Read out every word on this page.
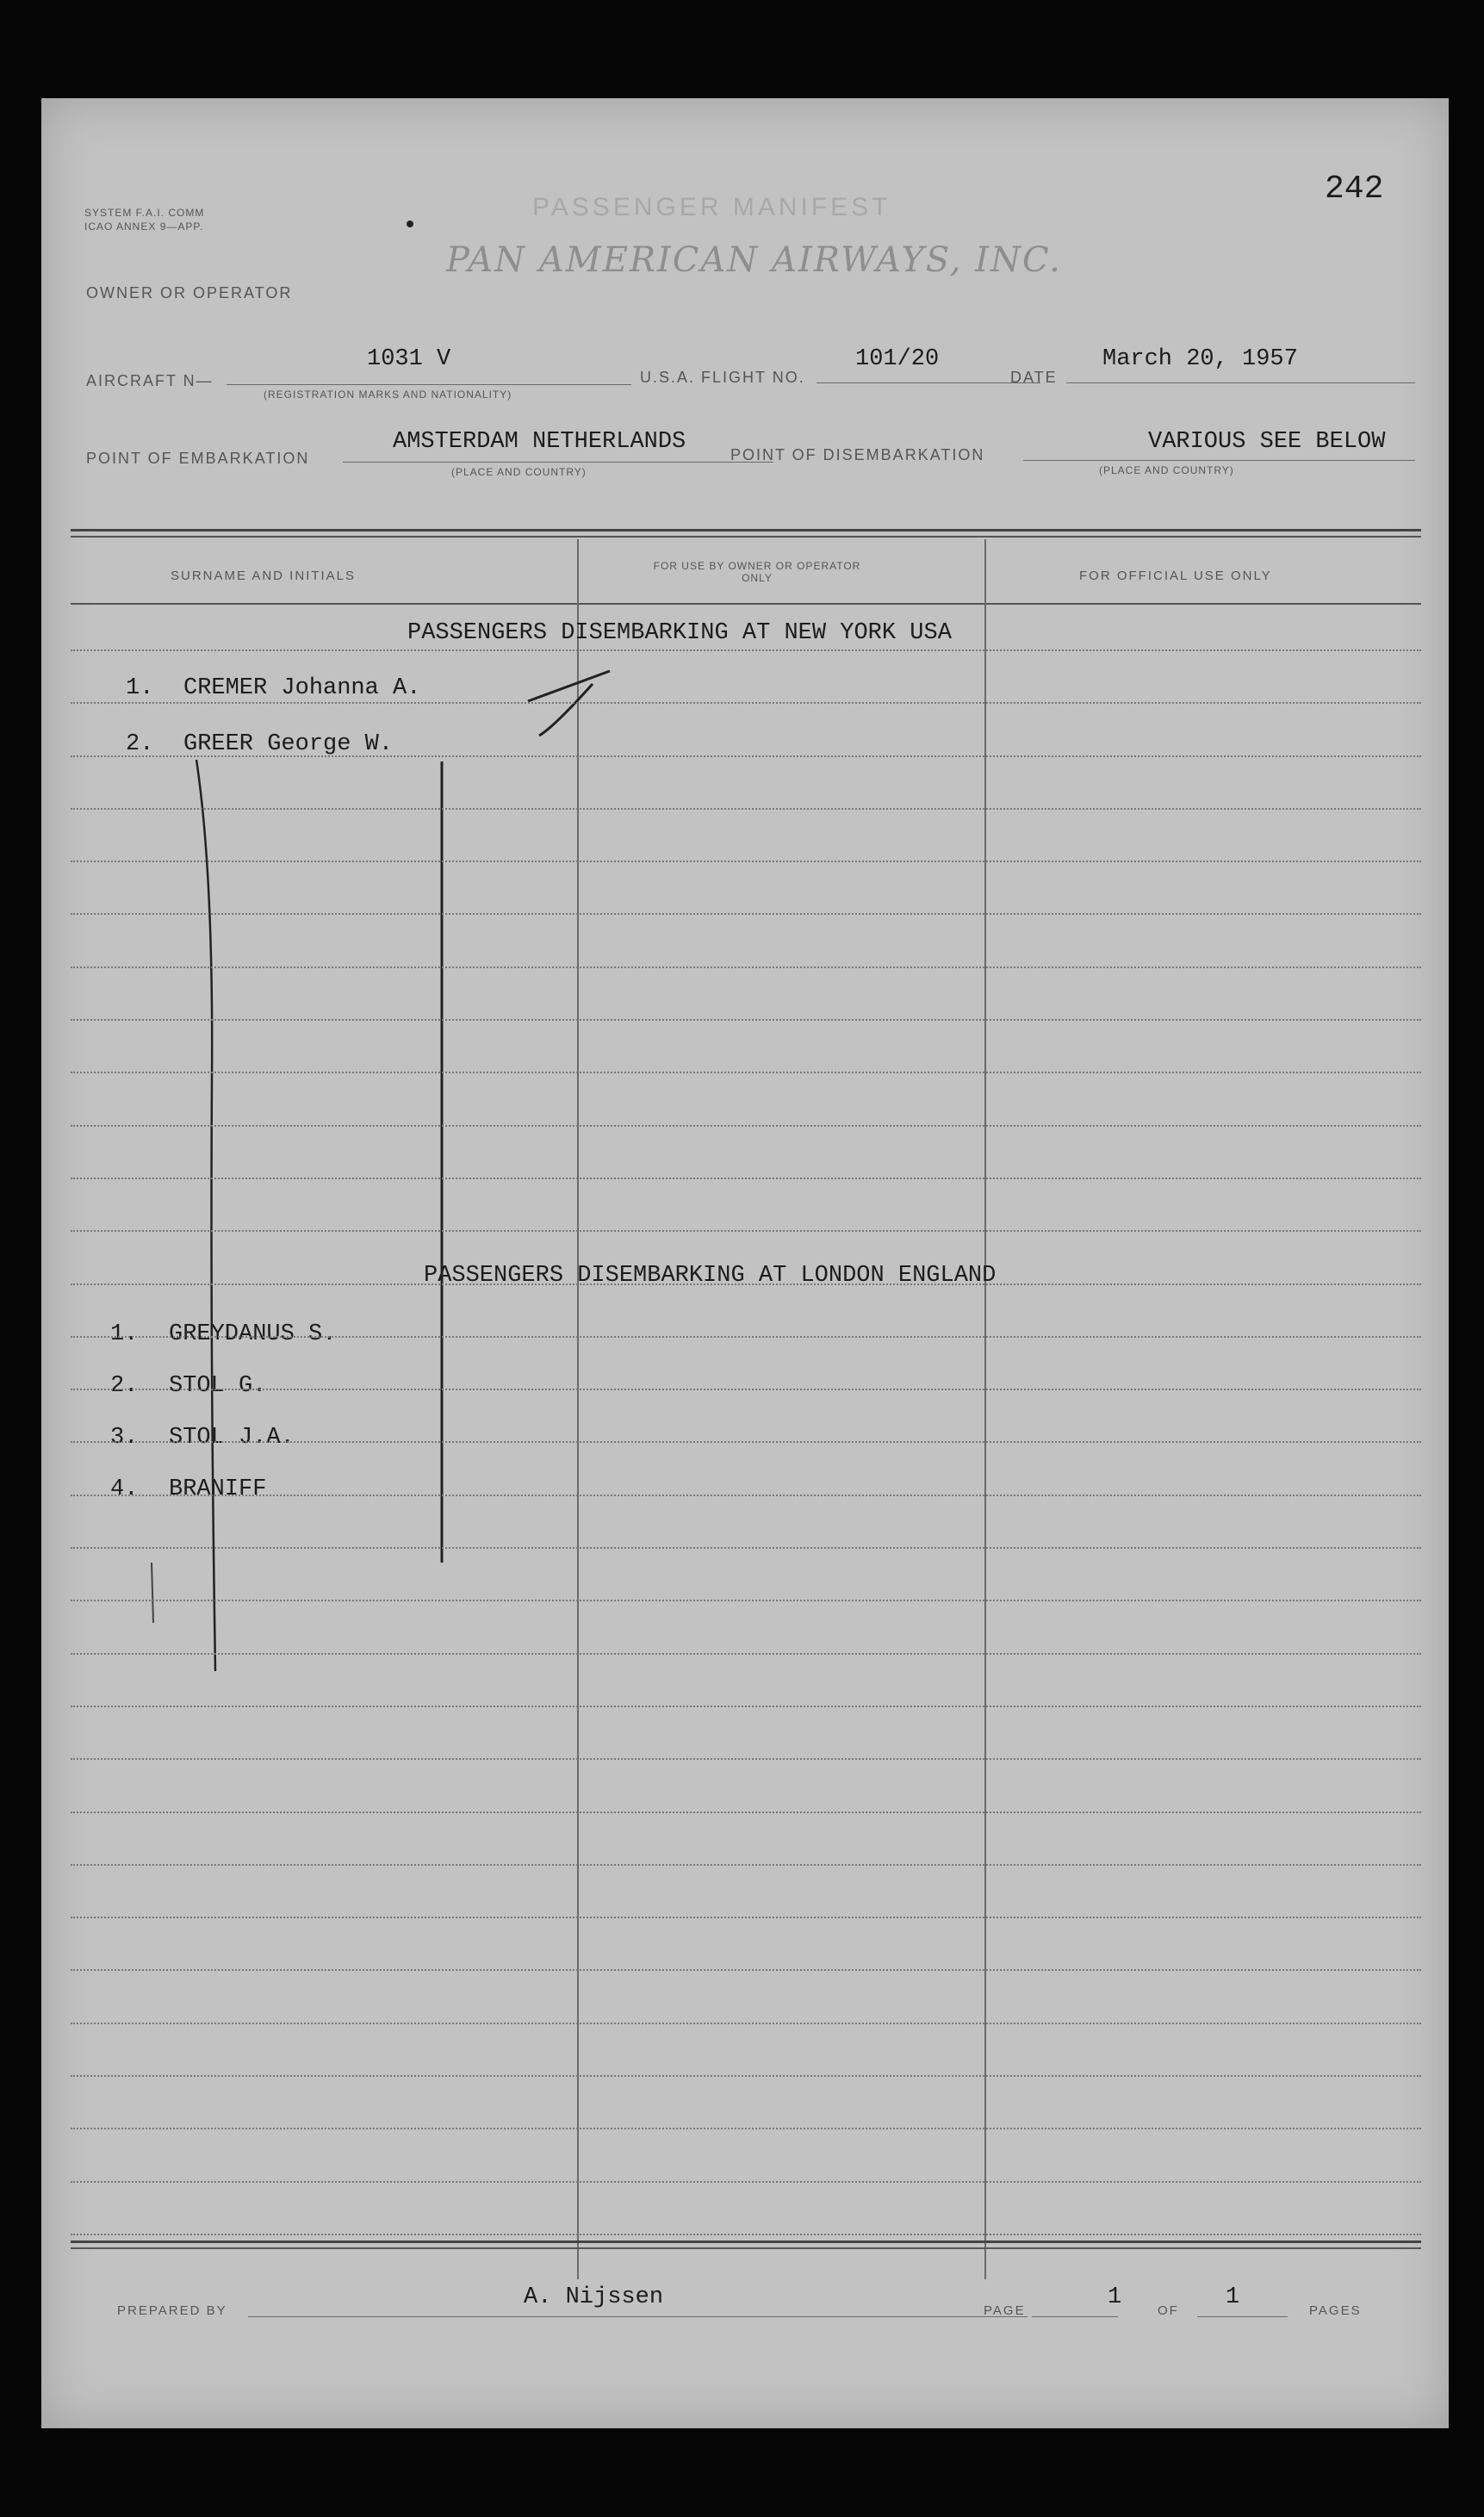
242
SYSTEM F.A.I. COMM
ICAO ANNEX 9—APP.
PASSENGER MANIFEST
PAN AMERICAN AIRWAYS, INC.
OWNER OR OPERATOR
AIRCRAFT N—
1031 V
(REGISTRATION MARKS AND NATIONALITY)
U.S.A. FLIGHT NO.
101/20
DATE
March 20, 1957
POINT OF EMBARKATION
AMSTERDAM NETHERLANDS
(PLACE AND COUNTRY)
POINT OF DISEMBARKATION	VARIOUS SEE BELOW
(PLACE AND COUNTRY)
SURNAME AND INITIALS
FOR USE BY OWNER OR OPERATOR ONLY	FOR OFFICIAL USE ONLY
PASSENGERS DISEMBARKING AT NEW YORK USA
1. CREMER Johanna A.
2. GREER George W.
PASSENGERS DISEMBARKING AT LONDON ENGLAND
1. GREYDANUS S.
2. STOL G.
3. STOL J.A.
4. BRANIFF
PREPARED BY
A. Nijssen
PAGE
1
OF
1
PAGES
